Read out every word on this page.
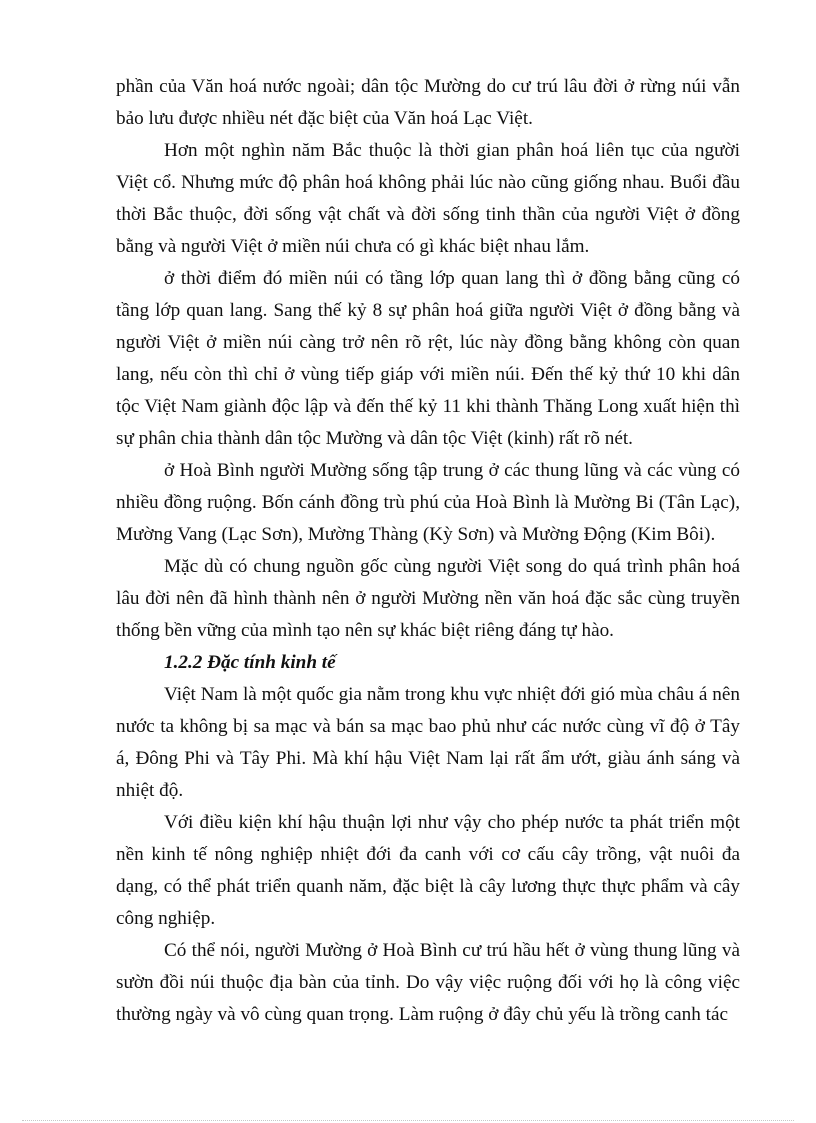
phần của Văn hoá nước ngoài; dân tộc Mường do cư trú lâu đời ở rừng núi vẫn bảo lưu được nhiều nét đặc biệt của Văn hoá Lạc Việt.

Hơn một nghìn năm Bắc thuộc là thời gian phân hoá liên tục của người Việt cổ. Nhưng mức độ phân hoá không phải lúc nào cũng giống nhau. Buổi đầu thời Bắc thuộc, đời sống vật chất và đời sống tinh thần của người Việt ở đồng bằng và người Việt ở miền núi chưa có gì khác biệt nhau lắm.

ở thời điểm đó miền núi có tầng lớp quan lang thì ở đồng bằng cũng có tầng lớp quan lang. Sang thế kỷ 8 sự phân hoá giữa người Việt ở đồng bằng và người Việt ở miền núi càng trở nên rõ rệt, lúc này đồng bằng không còn quan lang, nếu còn thì chỉ ở vùng tiếp giáp với miền núi. Đến thế kỷ thứ 10 khi dân tộc Việt Nam giành độc lập và đến thế kỷ 11 khi thành Thăng Long xuất hiện thì sự phân chia thành dân tộc Mường và dân tộc Việt (kinh) rất rõ nét.

ở Hoà Bình người Mường sống tập trung ở các thung lũng và các vùng có nhiều đồng ruộng. Bốn cánh đồng trù phú của Hoà Bình là Mường Bi (Tân Lạc), Mường Vang (Lạc Sơn), Mường Thàng (Kỳ Sơn) và Mường Động (Kim Bôi).

Mặc dù có chung nguồn gốc cùng người Việt song do quá trình phân hoá lâu đời nên đã hình thành nên ở người Mường nền văn hoá đặc sắc cùng truyền thống bền vững của mình tạo nên sự khác biệt riêng đáng tự hào.

1.2.2 Đặc tính kinh tế

Việt Nam là một quốc gia nằm trong khu vực nhiệt đới gió mùa châu á nên nước ta không bị sa mạc và bán sa mạc bao phủ như các nước cùng vĩ độ ở Tây á, Đông Phi và Tây Phi. Mà khí hậu Việt Nam lại rất ẩm ướt, giàu ánh sáng và nhiệt độ.

Với điều kiện khí hậu thuận lợi như vậy cho phép nước ta phát triển một nền kinh tế nông nghiệp nhiệt đới đa canh với cơ cấu cây trồng, vật nuôi đa dạng, có thể phát triển quanh năm, đặc biệt là cây lương thực thực phẩm và cây công nghiệp.

Có thể nói, người Mường ở Hoà Bình cư trú hầu hết ở vùng thung lũng và sườn đồi núi thuộc địa bàn của tỉnh. Do vậy việc ruộng đối với họ là công việc thường ngày và vô cùng quan trọng. Làm ruộng ở đây chủ yếu là trồng canh tác
